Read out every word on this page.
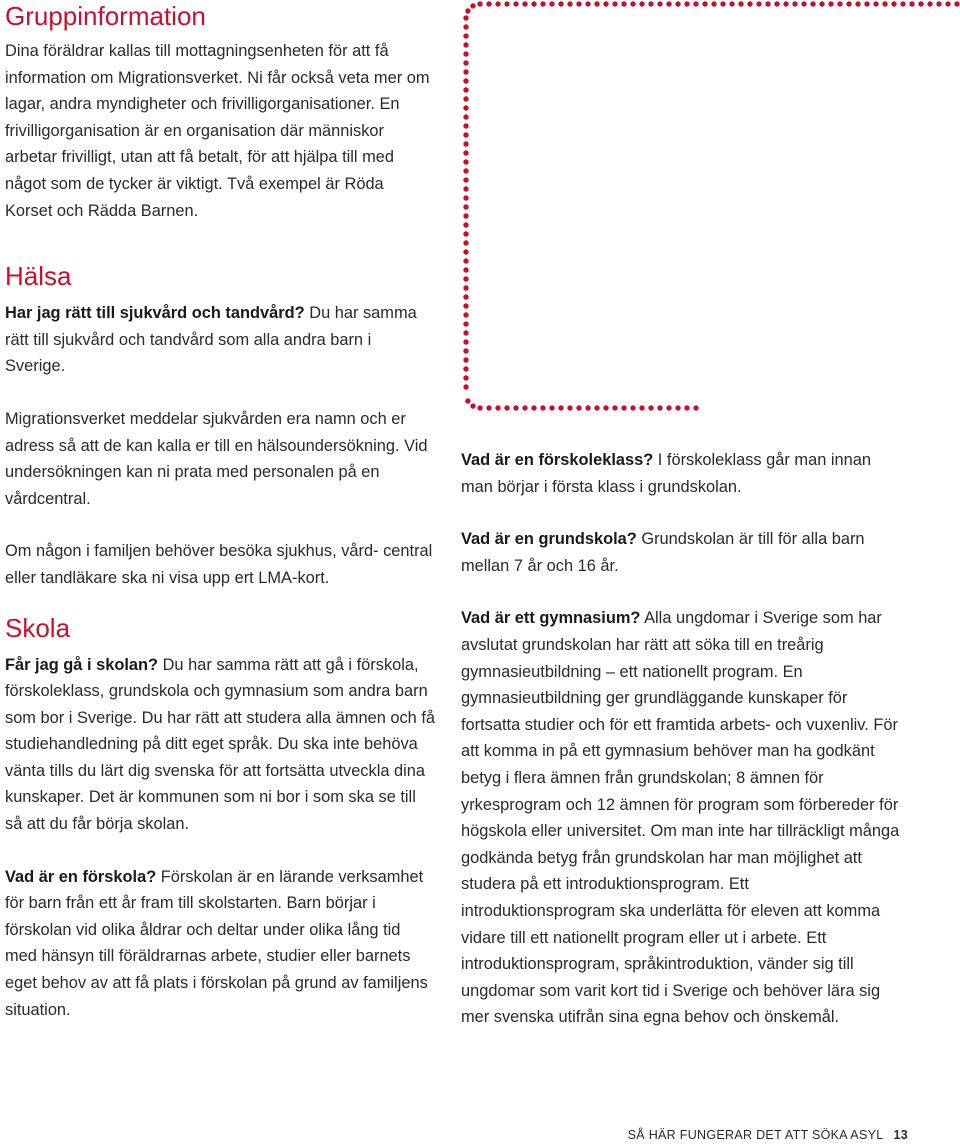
Gruppinformation

Dina föräldrar kallas till mottagningsenheten för att få information om Migrationsverket. Ni får också veta mer om lagar, andra myndigheter och frivilligorganisationer. En frivilligorganisation är en organisation där människor arbetar frivilligt, utan att få betalt, för att hjälpa till med något som de tycker är viktigt. Två exempel är Röda Korset och Rädda Barnen.

Hälsa

Har jag rätt till sjukvård och tandvård? Du har samma rätt till sjukvård och tandvård som alla andra barn i Sverige.

Migrationsverket meddelar sjukvården era namn och er adress så att de kan kalla er till en hälsoundersökning. Vid undersökningen kan ni prata med personalen på en vårdcentral.

Om någon i familjen behöver besöka sjukhus, vård- central eller tandläkare ska ni visa upp ert LMA-kort.

Skola

Får jag gå i skolan? Du har samma rätt att gå i förskola, förskoleklass, grundskola och gymnasium som andra barn som bor i Sverige. Du har rätt att studera alla ämnen och få studiehandledning på ditt eget språk. Du ska inte behöva vänta tills du lärt dig svenska för att fortsätta utveckla dina kunskaper. Det är kommunen som ni bor i som ska se till så att du får börja skolan.

Vad är en förskola? Förskolan är en lärande verksamhet för barn från ett år fram till skolstarten. Barn börjar i förskolan vid olika åldrar och deltar under olika lång tid med hänsyn till föräldrarnas arbete, studier eller barnets eget behov av att få plats i förskolan på grund av familjens situation.

Vad är en förskoleklass? I förskoleklass går man innan man börjar i första klass i grundskolan.

Vad är en grundskola? Grundskolan är till för alla barn mellan 7 år och 16 år.

Vad är ett gymnasium? Alla ungdomar i Sverige som har avslutat grundskolan har rätt att söka till en treårig gymnasieutbildning – ett nationellt program. En gymnasieutbildning ger grundläggande kunskaper för fortsatta studier och för ett framtida arbets- och vuxenliv. För att komma in på ett gymnasium behöver man ha godkänt betyg i flera ämnen från grundskolan; 8 ämnen för yrkesprogram och 12 ämnen för program som förbereder för högskola eller universitet. Om man inte har tillräckligt många godkända betyg från grundskolan har man möjlighet att studera på ett introduktionsprogram. Ett introduktionsprogram ska underlätta för eleven att komma vidare till ett nationellt program eller ut i arbete. Ett introduktionsprogram, språkintroduktion, vänder sig till ungdomar som varit kort tid i Sverige och behöver lära sig mer svenska utifrån sina egna behov och önskemål.

SÅ HÄR FUNGERAR DET ATT SÖKA ASYL 13
